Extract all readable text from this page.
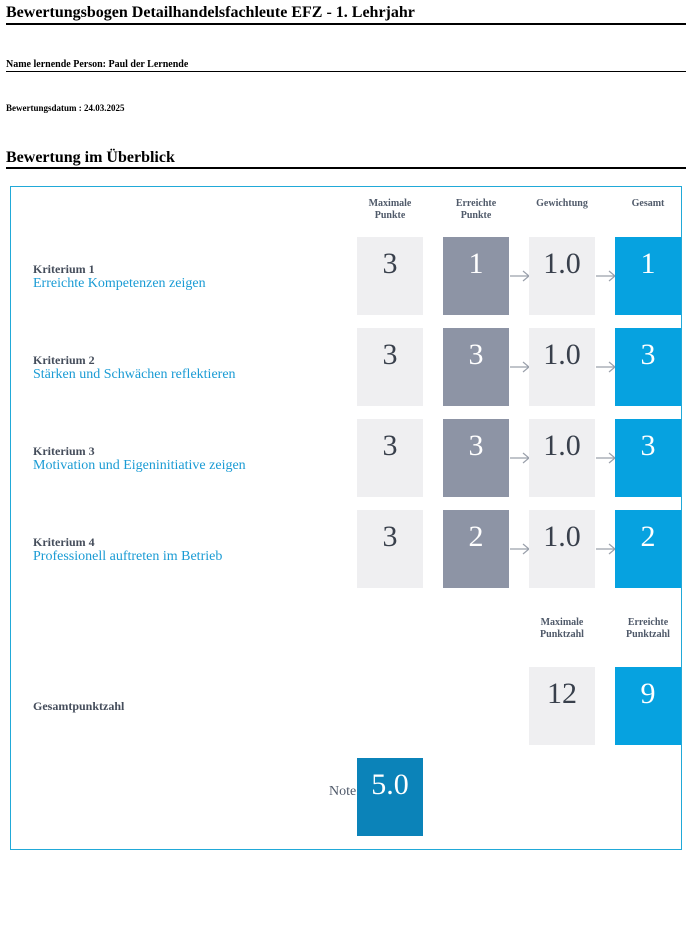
Bewertungsbogen Detailhandelsfachleute EFZ - 1. Lehrjahr
Name lernende Person: Paul der Lernende
Bewertungsdatum : 24.03.2025
Bewertung im Überblick
Maximale Punkte
Erreichte Punkte
Gewichtung	Gesamt
Kriterium 1
Erreichte Kompetenzen zeigen
3	1	1.0	1
Kriterium 2
Stärken und Schwächen reflektieren
3	3	1.0	3
Kriterium 3
Motivation und Eigeninitiative zeigen
3	3	1.0	3
Kriterium 4
Professionell auftreten im Betrieb
3	2	1.0	2
Maximale Punktzahl
Erreichte Punktzahl
Gesamtpunktzahl	12	9
Note 5.0
